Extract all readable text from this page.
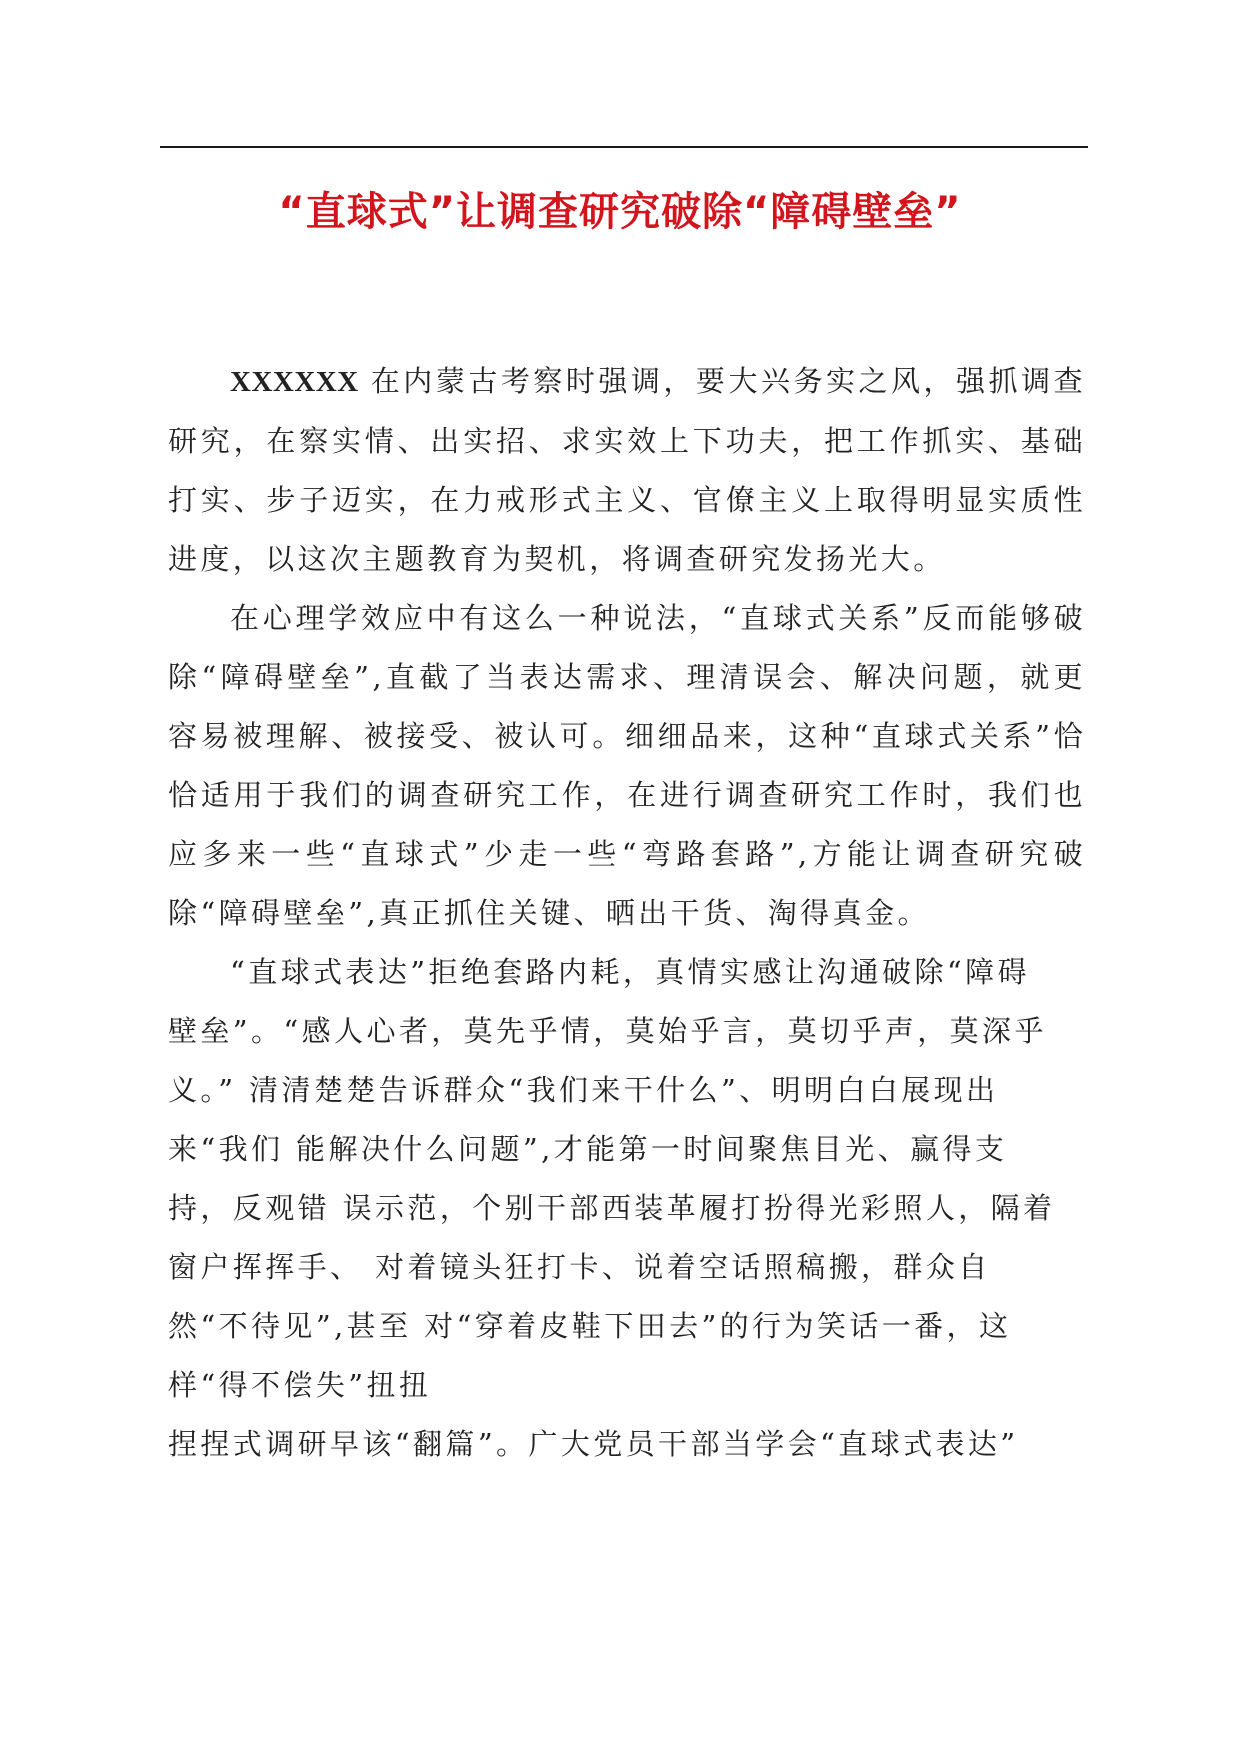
“直球式”让调查研究破除“障碍壁垒”

XXXXXX 在内蒙古考察时强调，要大兴务实之风，强抓调查研究，在察实情、出实招、求实效上下功夫，把工作抓实、基础打实、步子迈实，在力戒形式主义、官僚主义上取得明显实质性进度，以这次主题教育为契机，将调查研究发扬光大。

在心理学效应中有这么一种说法，“直球式关系”反而能够破除“障碍壁垒”,直截了当表达需求、理清误会、解决问题，就更容易被理解、被接受、被认可。细细品来，这种“直球式关系”恰恰适用于我们的调查研究工作，在进行调查研究工作时，我们也应多来一些“直球式”少走一些“弯路套路”,方能让调查研究破除“障碍壁垒”,真正抓住关键、晒出干货、淘得真金。

“直球式表达”拒绝套路内耗，真情实感让沟通破除“障碍
壁垒”。“感人心者，莫先乎情，莫始乎言，莫切乎声，莫深乎
义。” 清清楚楚告诉群众“我们来干什么”、明明白白展现出
来“我们 能解决什么问题”,才能第一时间聚焦目光、赢得支
持，反观错 误示范，个别干部西装革履打扮得光彩照人，隔着
窗户挥挥手、 对着镜头狂打卡、说着空话照稿搬，群众自
然“不待见”,甚至 对“穿着皮鞋下田去”的行为笑话一番，这
样“得不偿失”扭扭
捏捏式调研早该“翻篇”。广大党员干部当学会“直球式表达”
